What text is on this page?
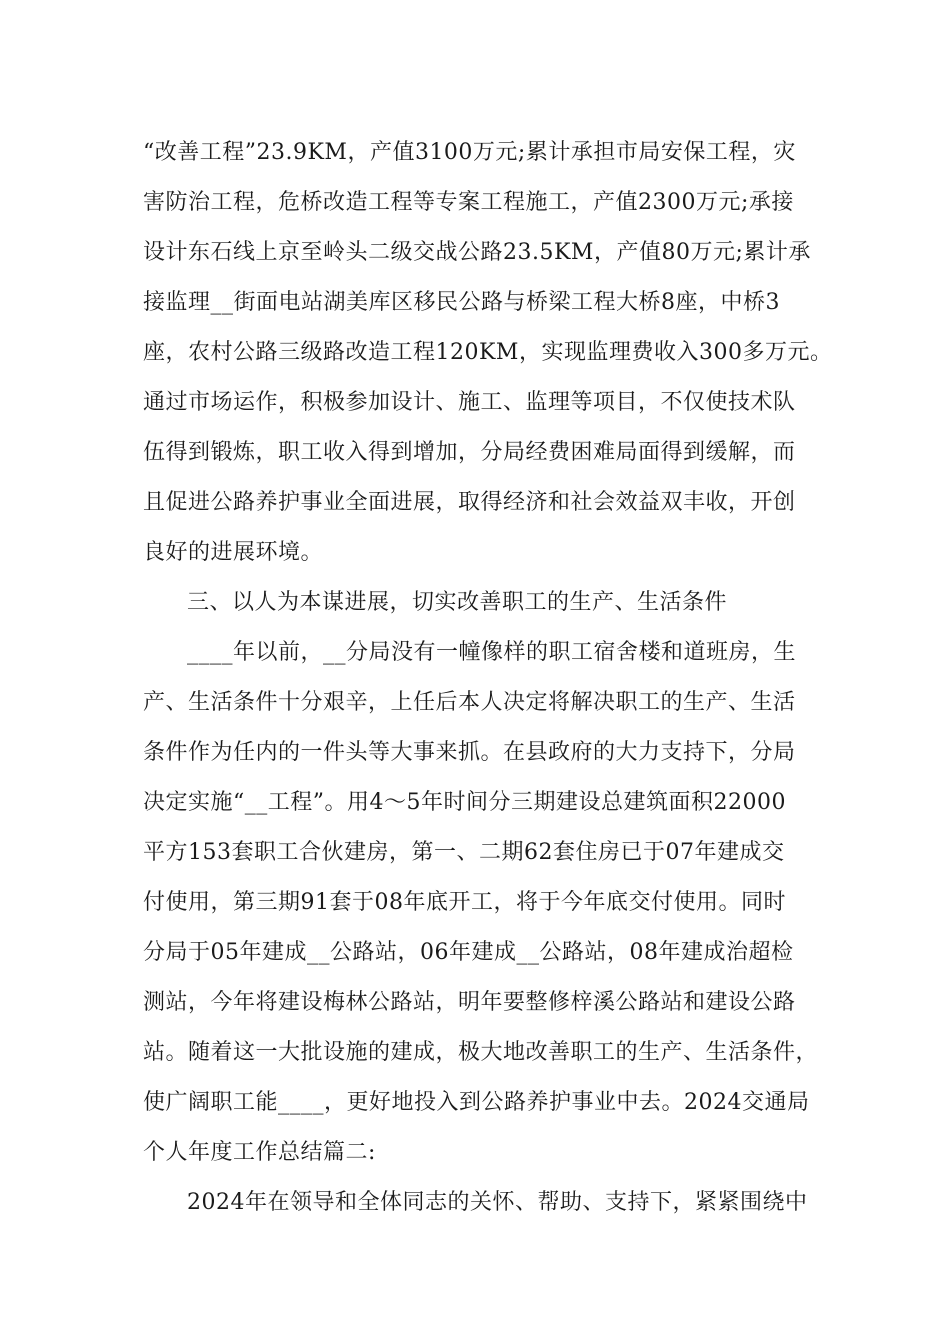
“改善工程”23.9KM，产值3100万元;累计承担市局安保工程，灾
害防治工程，危桥改造工程等专案工程施工，产值2300万元;承接
设计东石线上京至岭头二级交战公路23.5KM，产值80万元;累计承
接监理__街面电站湖美库区移民公路与桥梁工程大桥8座，中桥3
座，农村公路三级路改造工程120KM，实现监理费收入300多万元。
通过市场运作，积极参加设计、施工、监理等项目，不仅使技术队
伍得到锻炼，职工收入得到增加，分局经费困难局面得到缓解，而
且促进公路养护事业全面进展，取得经济和社会效益双丰收，开创
良好的进展环境。
三、以人为本谋进展，切实改善职工的生产、生活条件
____年以前，__分局没有一幢像样的职工宿舍楼和道班房，生
产、生活条件十分艰辛，上任后本人决定将解决职工的生产、生活
条件作为任内的一件头等大事来抓。在县政府的大力支持下，分局
决定实施“__工程”。用4～5年时间分三期建设总建筑面积22000
平方153套职工合伙建房，第一、二期62套住房已于07年建成交
付使用，第三期91套于08年底开工，将于今年底交付使用。同时
分局于05年建成__公路站，06年建成__公路站，08年建成治超检
测站，今年将建设梅林公路站，明年要整修梓溪公路站和建设公路
站。随着这一大批设施的建成，极大地改善职工的生产、生活条件，
使广阔职工能____，更好地投入到公路养护事业中去。2024交通局
个人年度工作总结篇二:
2024年在领导和全体同志的关怀、帮助、支持下，紧紧围绕中
